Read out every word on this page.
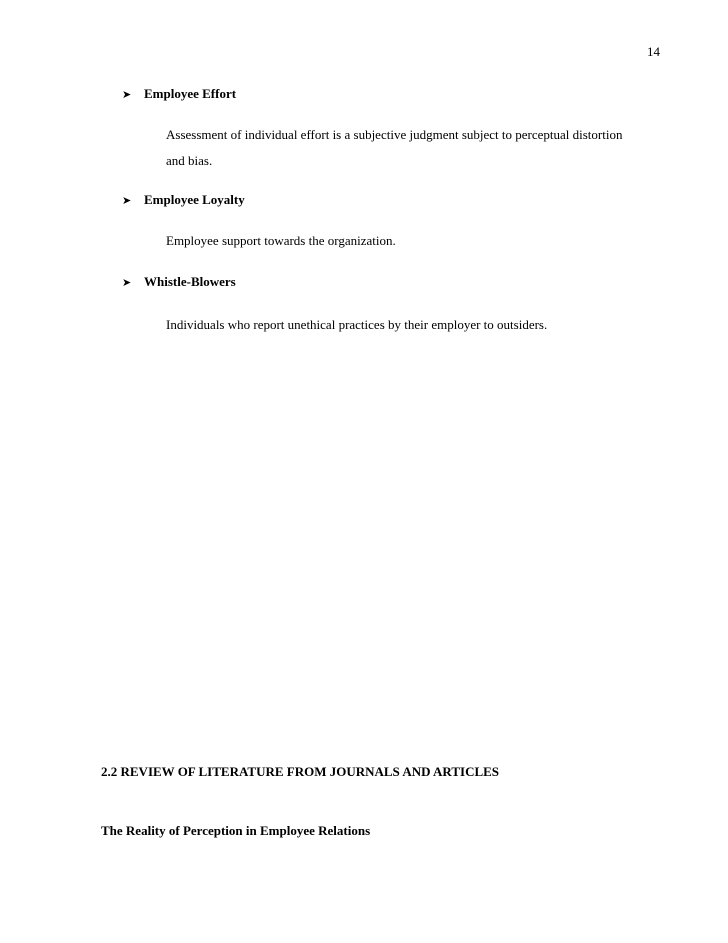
14
➤ Employee Effort
Assessment of individual effort is a subjective judgment subject to perceptual distortion and bias.
➤ Employee Loyalty
Employee support towards the organization.
➤ Whistle-Blowers
Individuals who report unethical practices by their employer to outsiders.
2.2 REVIEW OF LITERATURE FROM JOURNALS AND ARTICLES
The Reality of Perception in Employee Relations
